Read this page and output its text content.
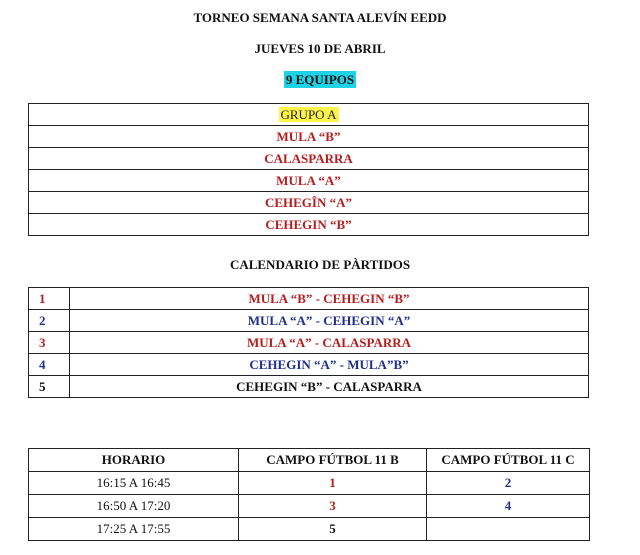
TORNEO SEMANA SANTA ALEVÍN EEDD
JUEVES 10 DE ABRIL
9 EQUIPOS
GRUPO A
MULA “B”
CALASPARRA
MULA “A”
CEHEGÎN “A”
CEHEGIN “B”
CALENDARIO DE PÀRTIDOS
1	MULA “B” - CEHEGIN “B”
2	MULA “A” - CEHEGIN “A”
3	MULA “A” - CALASPARRA
4	CEHEGIN “A” - MULA”B”
5	CEHEGIN “B” - CALASPARRA
HORARIO	CAMPO FÚTBOL 11 B	CAMPO FÚTBOL 11 C
16:15 A 16:45	1	2
16:50 A 17:20	3	4
17:25 A 17:55	5	
